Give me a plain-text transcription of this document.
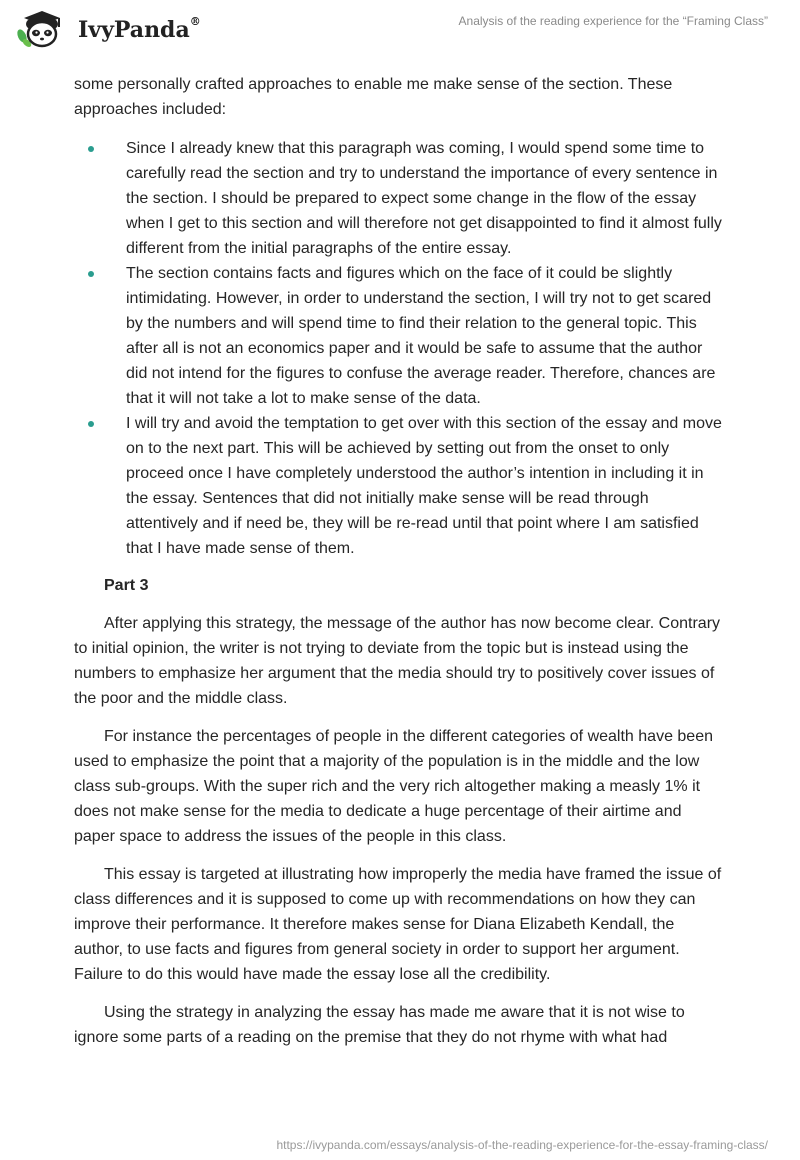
IvyPanda®	Analysis of the reading experience for the “Framing Class”

some personally crafted approaches to enable me make sense of the section. These approaches included:

Since I already knew that this paragraph was coming, I would spend some time to carefully read the section and try to understand the importance of every sentence in the section. I should be prepared to expect some change in the flow of the essay when I get to this section and will therefore not get disappointed to find it almost fully different from the initial paragraphs of the entire essay.
The section contains facts and figures which on the face of it could be slightly intimidating. However, in order to understand the section, I will try not to get scared by the numbers and will spend time to find their relation to the general topic. This after all is not an economics paper and it would be safe to assume that the author did not intend for the figures to confuse the average reader. Therefore, chances are that it will not take a lot to make sense of the data.
I will try and avoid the temptation to get over with this section of the essay and move on to the next part. This will be achieved by setting out from the onset to only proceed once I have completely understood the author’s intention in including it in the essay. Sentences that did not initially make sense will be read through attentively and if need be, they will be re-read until that point where I am satisfied that I have made sense of them.

Part 3

After applying this strategy, the message of the author has now become clear. Contrary to initial opinion, the writer is not trying to deviate from the topic but is instead using the numbers to emphasize her argument that the media should try to positively cover issues of the poor and the middle class.

For instance the percentages of people in the different categories of wealth have been used to emphasize the point that a majority of the population is in the middle and the low class sub-groups. With the super rich and the very rich altogether making a measly 1% it does not make sense for the media to dedicate a huge percentage of their airtime and paper space to address the issues of the people in this class.

This essay is targeted at illustrating how improperly the media have framed the issue of class differences and it is supposed to come up with recommendations on how they can improve their performance. It therefore makes sense for Diana Elizabeth Kendall, the author, to use facts and figures from general society in order to support her argument. Failure to do this would have made the essay lose all the credibility.

Using the strategy in analyzing the essay has made me aware that it is not wise to ignore some parts of a reading on the premise that they do not rhyme with what had

https://ivypanda.com/essays/analysis-of-the-reading-experience-for-the-essay-framing-class/
